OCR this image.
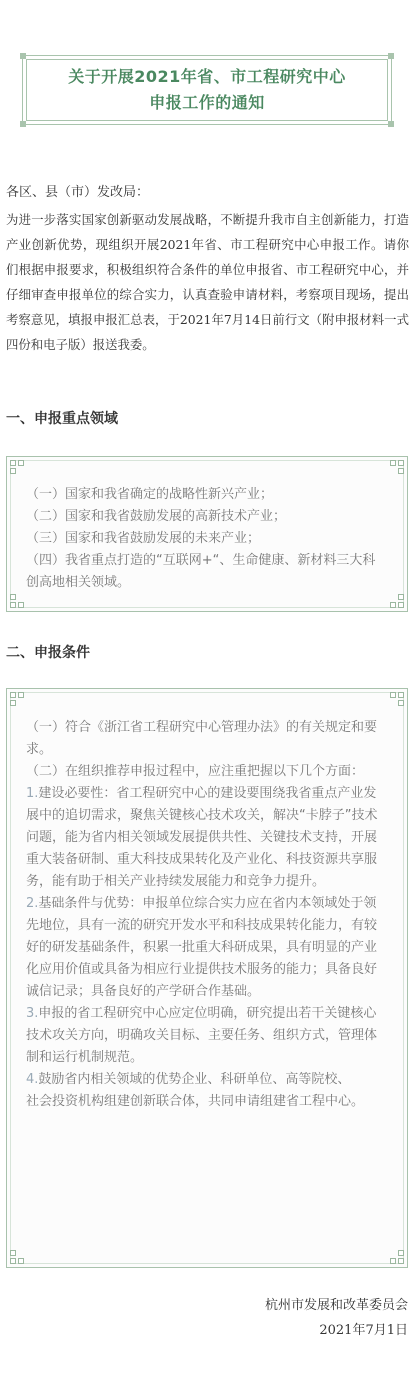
关于开展2021年省、市工程研究中心
申报工作的通知
各区、县（市）发改局：

为进一步落实国家创新驱动发展战略，不断提升我市自主创新能力，打造产业创新优势，现组织开展2021年省、市工程研究中心申报工作。请你们根据申报要求，积极组织符合条件的单位申报省、市工程研究中心，并仔细审查申报单位的综合实力，认真查验申请材料，考察项目现场，提出考察意见，填报申报汇总表，于2021年7月14日前行文（附申报材料一式四份和电子版）报送我委。

一、申报重点领域

（一）国家和我省确定的战略性新兴产业；

（二）国家和我省鼓励发展的高新技术产业；

（三）国家和我省鼓励发展的未来产业；

（四）我省重点打造的“互联网+“、生命健康、新材料三大科创高地相关领域。

二、申报条件

（一）符合《浙江省工程研究中心管理办法》的有关规定和要求。

（二）在组织推荐申报过程中，应注重把握以下几个方面：

1.建设必要性：省工程研究中心的建设要围绕我省重点产业发展中的追切需求，聚焦关键核心技术攻关，解决“卡脖子”技术问题，能为省内相关领域发展提供共性、关键技术支持，开展重大装备研制、重大科技成果转化及产业化、科技资源共享服务，能有助于相关产业持续发展能力和竞争力提升。

2.基础条件与优势：申报单位综合实力应在省内本领域处于领先地位，具有一流的研究开发水平和科技成果转化能力，有较好的研发基础条件，积累一批重大科研成果，具有明显的产业化应用价值或具备为相应行业提供技术服务的能力；具备良好诚信记录；具备良好的产学研合作基础。

3.申报的省工程研究中心应定位明确，研究提出若干关键核心技术攻关方向，明确攻关目标、主要任务、组织方式，管理体制和运行机制规范。

4.鼓励省内相关领域的优势企业、科研单位、高等院校、

社会投资机构组建创新联合体，共同申请组建省工程中心。

杭州市发展和改革委员会
2021年7月1日
